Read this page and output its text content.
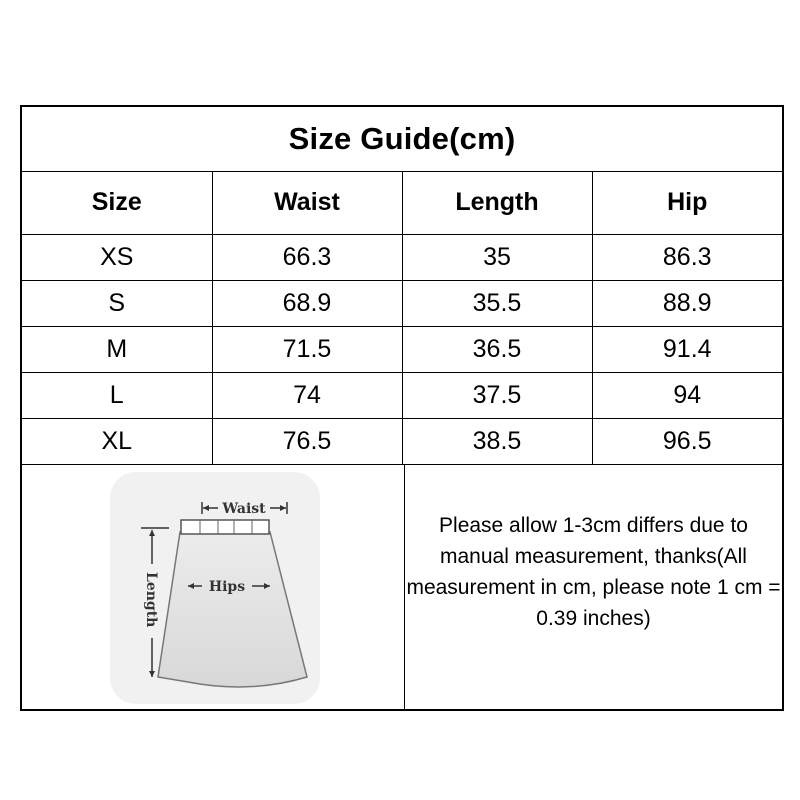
Size Guide(cm)
Size	Waist	Length	Hip
XS	66.3	35	86.3
S	68.9	35.5	88.9
M	71.5	36.5	91.4
L	74	37.5	94
XL	76.5	38.5	96.5
Waist
Hips
Length
Please allow 1-3cm differs due to manual measurement, thanks(All measurement in cm, please note 1 cm = 0.39 inches)
